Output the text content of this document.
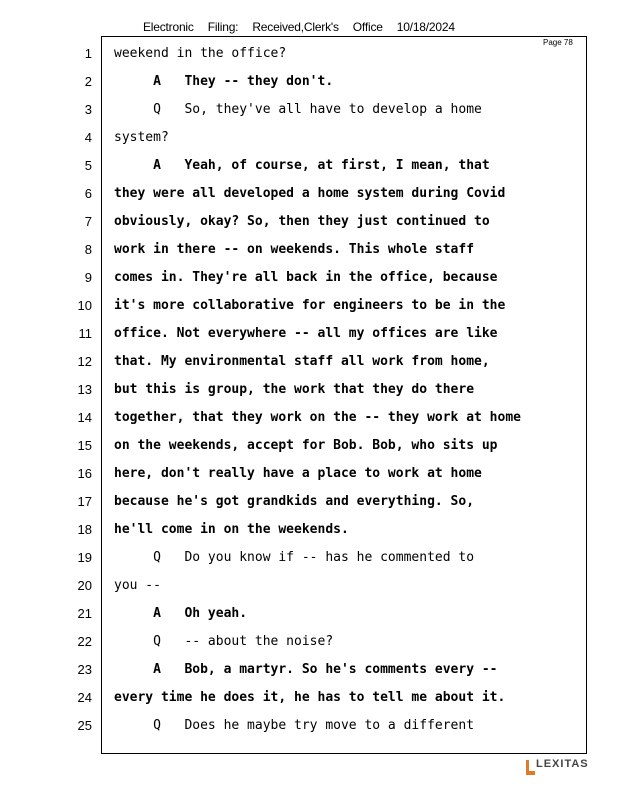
Electronic Filing: Received,Clerk's Office 10/18/2024
Page 78
1 weekend in the office?
2 A   They -- they don't.
3 Q   So, they've all have to develop a home
4 system?
5 A   Yeah, of course, at first, I mean, that
6 they were all developed a home system during Covid
7 obviously, okay? So, then they just continued to
8 work in there -- on weekends. This whole staff
9 comes in. They're all back in the office, because
10 it's more collaborative for engineers to be in the
11 office. Not everywhere -- all my offices are like
12 that. My environmental staff all work from home,
13 but this is group, the work that they do there
14 together, that they work on the -- they work at home
15 on the weekends, accept for Bob. Bob, who sits up
16 here, don't really have a place to work at home
17 because he's got grandkids and everything. So,
18 he'll come in on the weekends.
19 Q   Do you know if -- has he commented to
20 you --
21 A   Oh yeah.
22 Q   -- about the noise?
23 A   Bob, a martyr. So he's comments every --
24 every time he does it, he has to tell me about it.
25 Q   Does he maybe try move to a different
LEXITAS
